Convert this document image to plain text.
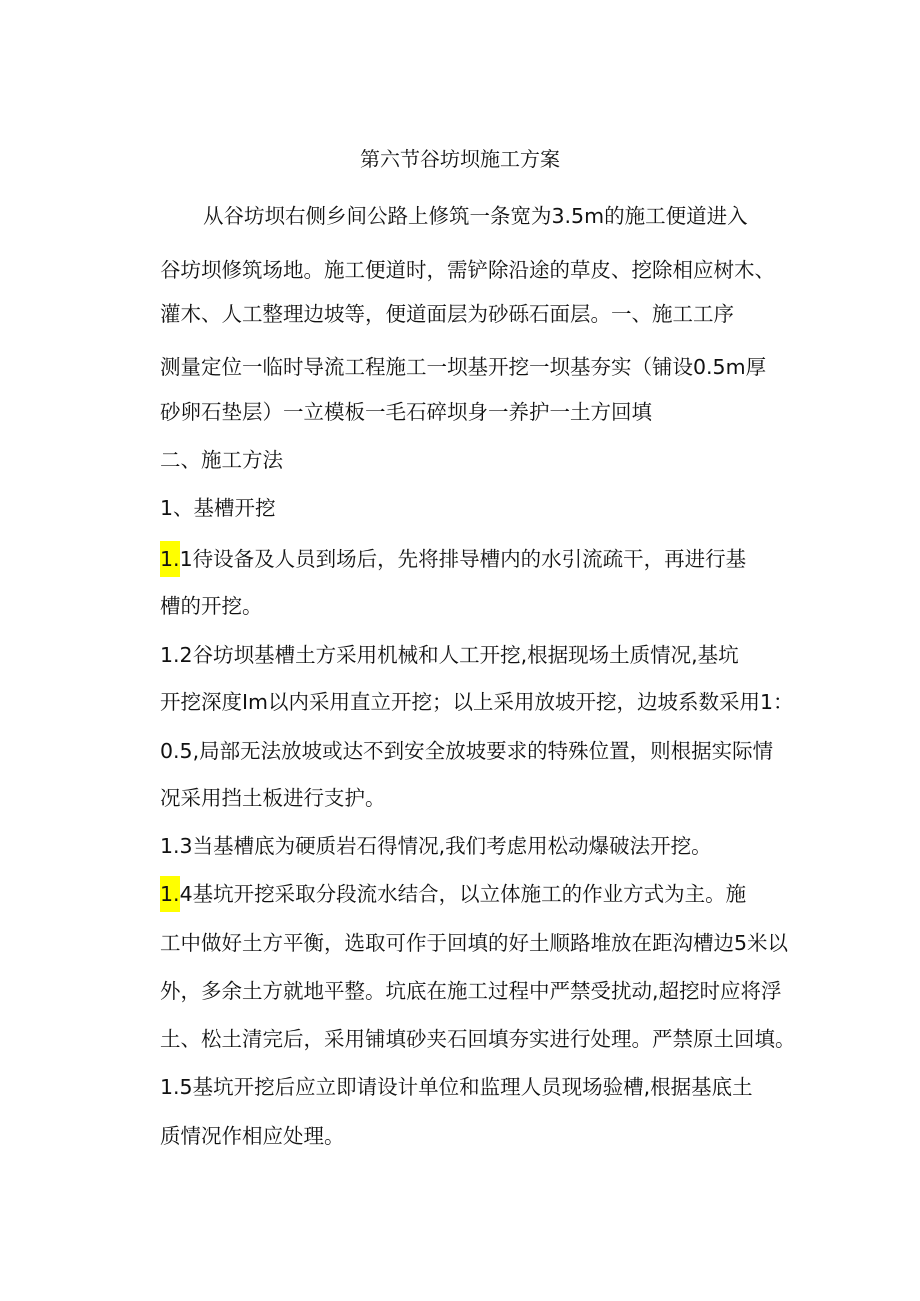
第六节谷坊坝施工方案
从谷坊坝右侧乡间公路上修筑一条宽为3.5m的施工便道进入
谷坊坝修筑场地。施工便道时，需铲除沿途的草皮、挖除相应树木、
灌木、人工整理边坡等，便道面层为砂砾石面层。一、施工工序
测量定位一临时导流工程施工一坝基开挖一坝基夯实（铺设0.5m厚
砂卵石垫层）一立模板一毛石碎坝身一养护一土方回填
二、施工方法
1、基槽开挖
1.1待设备及人员到场后，先将排导槽内的水引流疏干，再进行基
槽的开挖。
1.2谷坊坝基槽土方采用机械和人工开挖,根据现场土质情况,基坑
开挖深度Im以内采用直立开挖；以上采用放坡开挖，边坡系数采用1：
0.5,局部无法放坡或达不到安全放坡要求的特殊位置，则根据实际情
况采用挡土板进行支护。
1.3当基槽底为硬质岩石得情况,我们考虑用松动爆破法开挖。
1.4基坑开挖采取分段流水结合，以立体施工的作业方式为主。施
工中做好土方平衡，选取可作于回填的好土顺路堆放在距沟槽边5米以
外，多余土方就地平整。坑底在施工过程中严禁受扰动,超挖时应将浮
土、松土清完后，采用铺填砂夹石回填夯实进行处理。严禁原土回填。
1.5基坑开挖后应立即请设计单位和监理人员现场验槽,根据基底土
质情况作相应处理。
